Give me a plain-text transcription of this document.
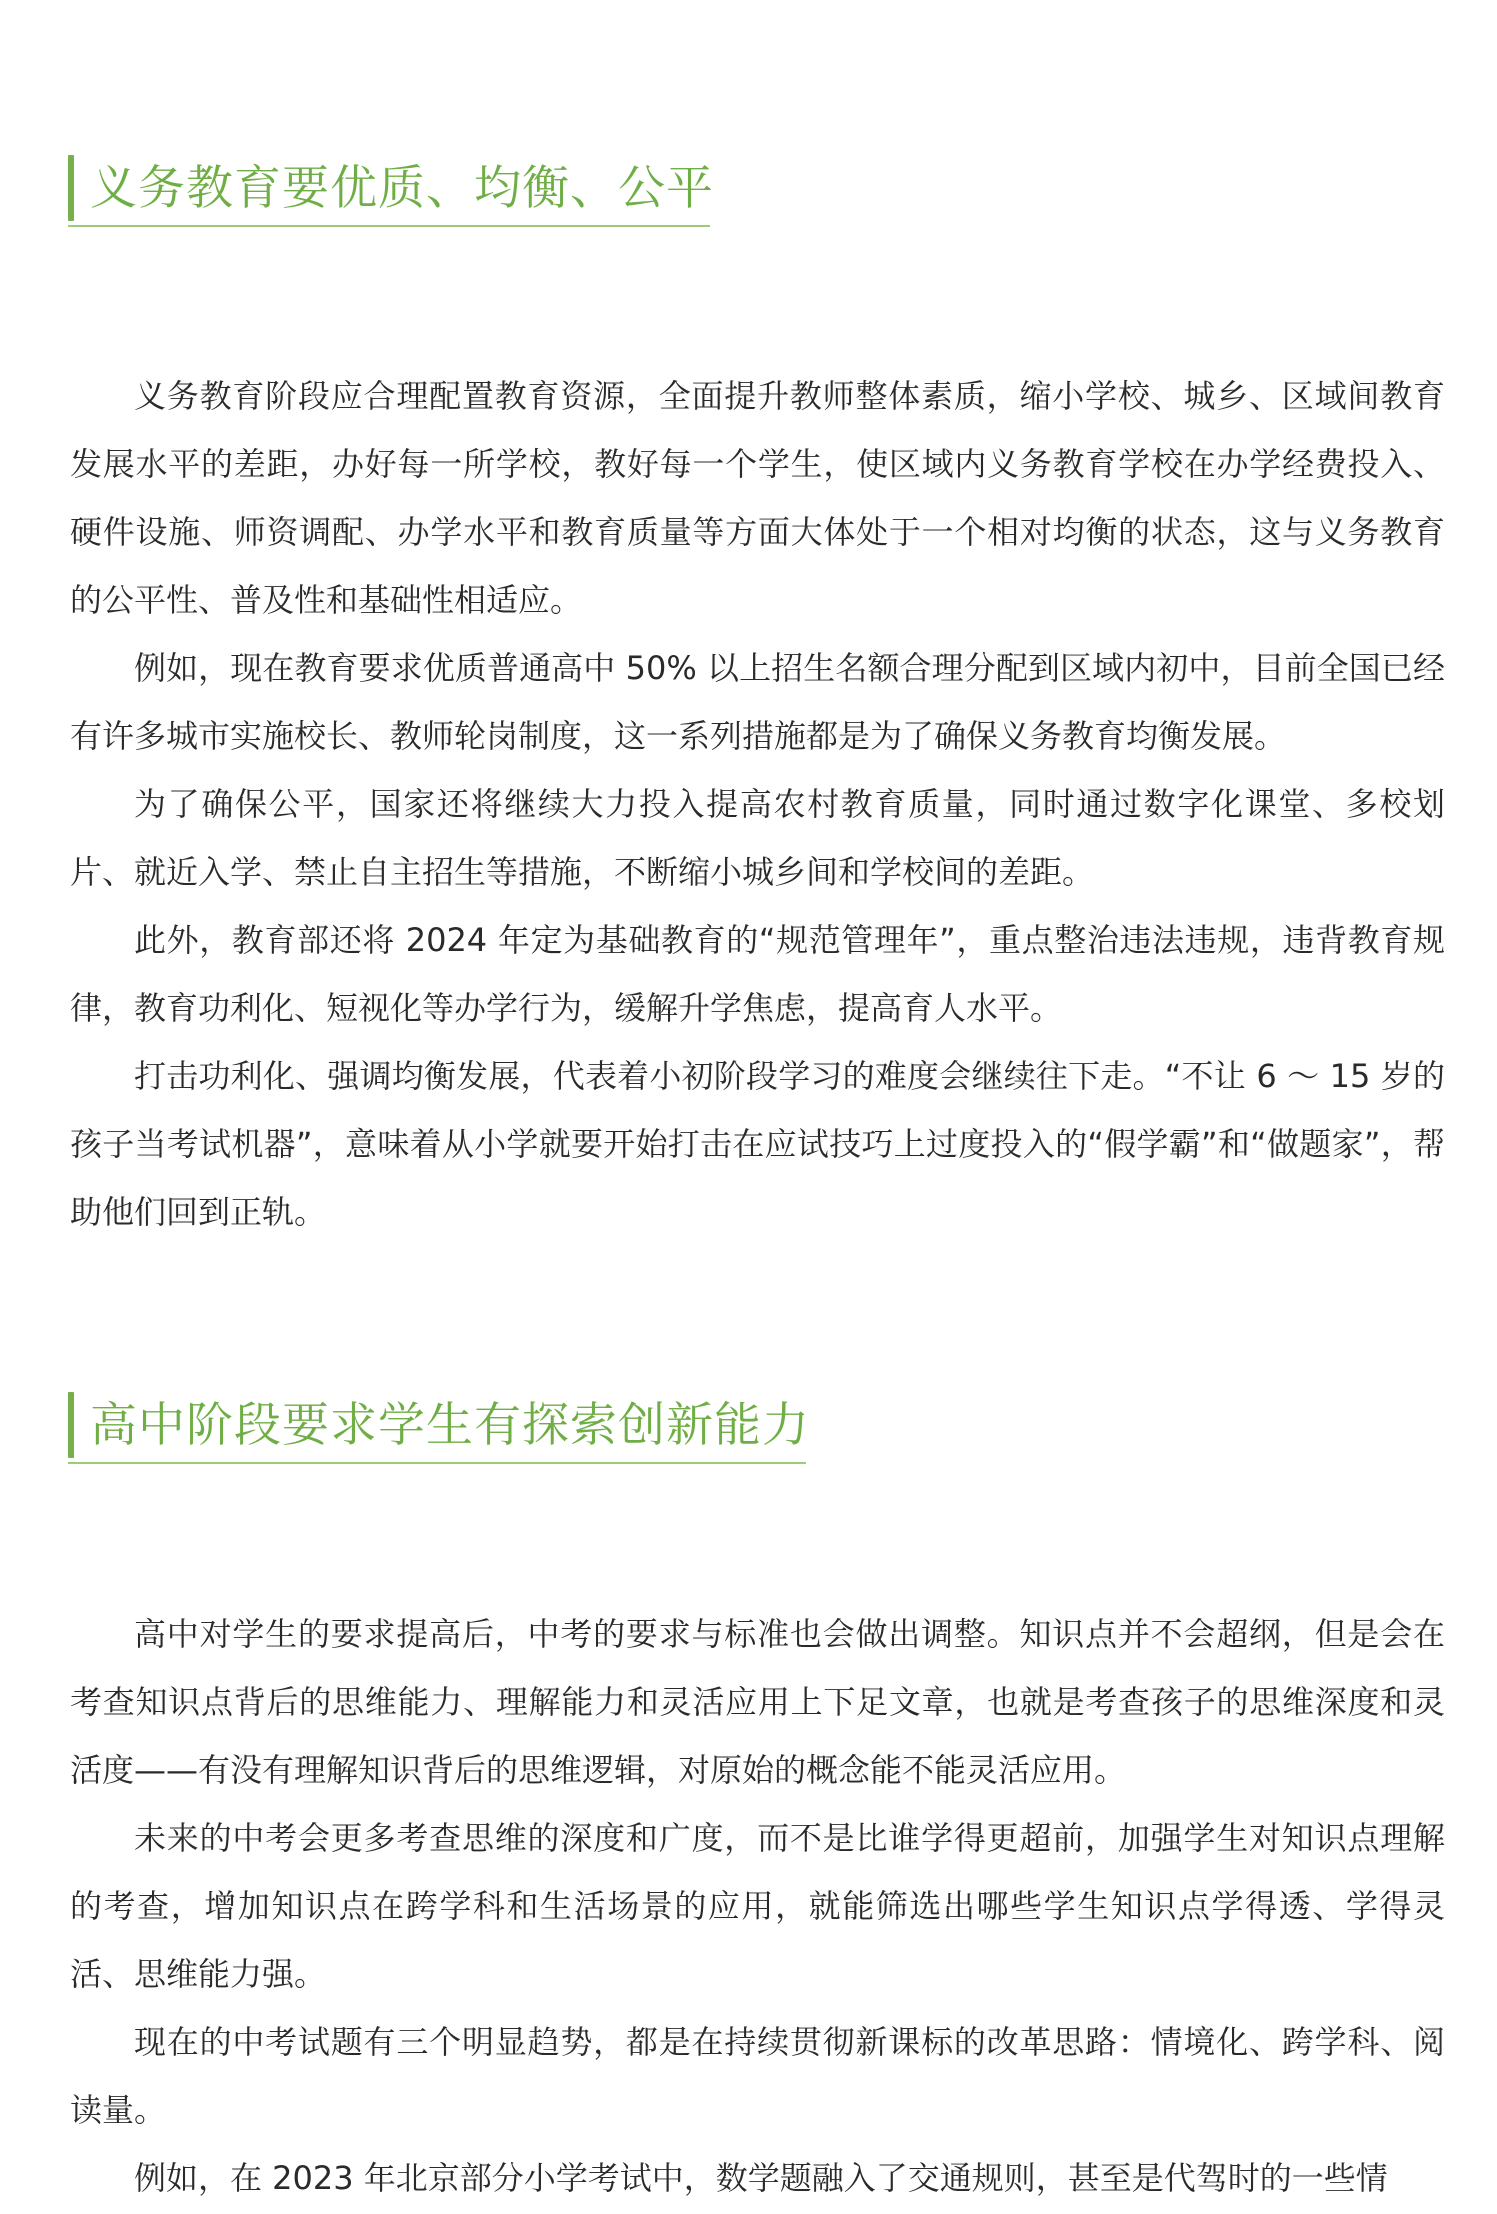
义务教育要优质、均衡、公平

义务教育阶段应合理配置教育资源，全面提升教师整体素质，缩小学校、城乡、区域间教育发展水平的差距，办好每一所学校，教好每一个学生，使区域内义务教育学校在办学经费投入、硬件设施、师资调配、办学水平和教育质量等方面大体处于一个相对均衡的状态，这与义务教育的公平性、普及性和基础性相适应。

例如，现在教育要求优质普通高中 50% 以上招生名额合理分配到区域内初中，目前全国已经有许多城市实施校长、教师轮岗制度，这一系列措施都是为了确保义务教育均衡发展。

为了确保公平，国家还将继续大力投入提高农村教育质量，同时通过数字化课堂、多校划片、就近入学、禁止自主招生等措施，不断缩小城乡间和学校间的差距。

此外，教育部还将 2024 年定为基础教育的“规范管理年”，重点整治违法违规，违背教育规律，教育功利化、短视化等办学行为，缓解升学焦虑，提高育人水平。

打击功利化、强调均衡发展，代表着小初阶段学习的难度会继续往下走。“不让 6 ～ 15 岁的孩子当考试机器”，意味着从小学就要开始打击在应试技巧上过度投入的“假学霸”和“做题家”，帮助他们回到正轨。

高中阶段要求学生有探索创新能力

高中对学生的要求提高后，中考的要求与标准也会做出调整。知识点并不会超纲，但是会在考查知识点背后的思维能力、理解能力和灵活应用上下足文章，也就是考查孩子的思维深度和灵活度——有没有理解知识背后的思维逻辑，对原始的概念能不能灵活应用。

未来的中考会更多考查思维的深度和广度，而不是比谁学得更超前，加强学生对知识点理解的考查，增加知识点在跨学科和生活场景的应用，就能筛选出哪些学生知识点学得透、学得灵活、思维能力强。

现在的中考试题有三个明显趋势，都是在持续贯彻新课标的改革思路：情境化、跨学科、阅读量。

例如，在 2023 年北京部分小学考试中，数学题融入了交通规则，甚至是代驾时的一些情
